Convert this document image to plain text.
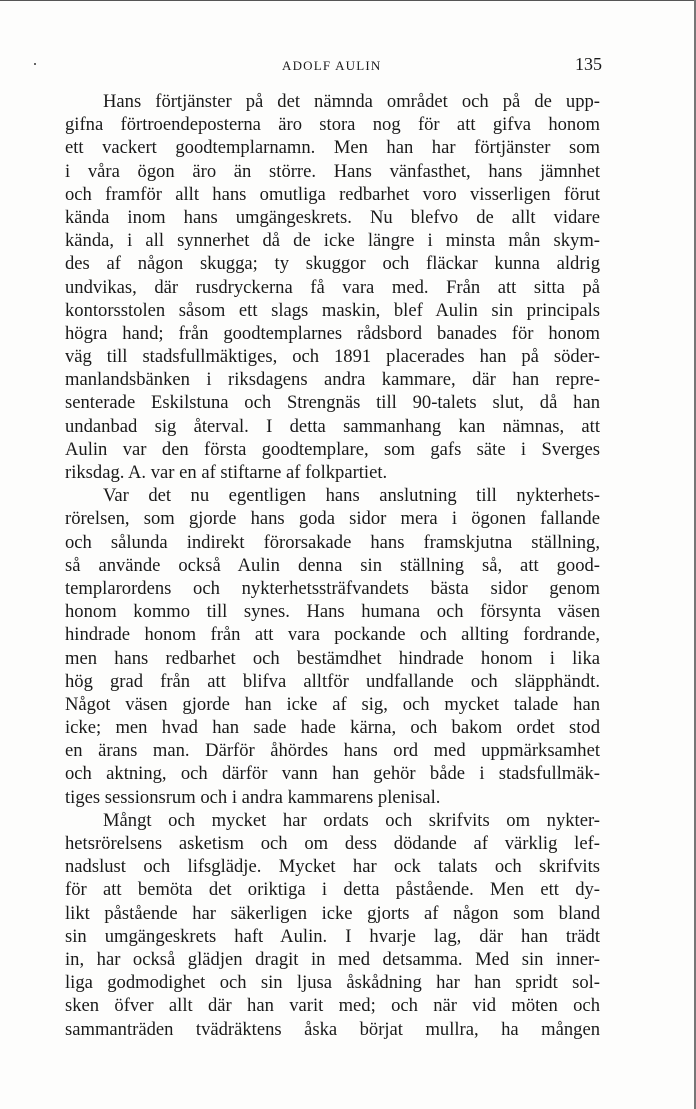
ADOLF AULIN	135

Hans förtjänster på det nämnda området och på de upp-
gifna förtroendeposterna äro stora nog för att gifva honom
ett vackert goodtemplarnamn. Men han har förtjänster som
i våra ögon äro än större. Hans vänfasthet, hans jämnhet
och framför allt hans omutliga redbarhet voro visserligen förut
kända inom hans umgängeskrets. Nu blefvo de allt vidare
kända, i all synnerhet då de icke längre i minsta mån skym-
des af någon skugga; ty skuggor och fläckar kunna aldrig
undvikas, där rusdryckerna få vara med. Från att sitta på
kontorsstolen såsom ett slags maskin, blef Aulin sin principals
högra hand; från goodtemplarnes rådsbord banades för honom
väg till stadsfullmäktiges, och 1891 placerades han på söder-
manlandsbänken i riksdagens andra kammare, där han repre-
senterade Eskilstuna och Strengnäs till 90-talets slut, då han
undanbad sig återval. I detta sammanhang kan nämnas, att
Aulin var den första goodtemplare, som gafs säte i Sverges
riksdag. A. var en af stiftarne af folkpartiet.

Var det nu egentligen hans anslutning till nykterhets-
rörelsen, som gjorde hans goda sidor mera i ögonen fallande
och sålunda indirekt förorsakade hans framskjutna ställning,
så använde också Aulin denna sin ställning så, att good-
templarordens och nykterhetssträfvandets bästa sidor genom
honom kommo till synes. Hans humana och försynta väsen
hindrade honom från att vara pockande och allting fordrande,
men hans redbarhet och bestämdhet hindrade honom i lika
hög grad från att blifva alltför undfallande och släpphändt.
Något väsen gjorde han icke af sig, och mycket talade han
icke; men hvad han sade hade kärna, och bakom ordet stod
en ärans man. Därför åhördes hans ord med uppmärksamhet
och aktning, och därför vann han gehör både i stadsfullmäk-
tiges sessionsrum och i andra kammarens plenisal.

Mångt och mycket har ordats och skrifvits om nykter-
hetsrörelsens asketism och om dess dödande af värklig lef-
nadslust och lifsglädje. Mycket har ock talats och skrifvits
för att bemöta det oriktiga i detta påstående. Men ett dy-
likt påstående har säkerligen icke gjorts af någon som bland
sin umgängeskrets haft Aulin. I hvarje lag, där han trädt
in, har också glädjen dragit in med detsamma. Med sin inner-
liga godmodighet och sin ljusa åskådning har han spridt sol-
sken öfver allt där han varit med; och när vid möten och
sammanträden tvädräktens åska börjat mullra, ha mången
